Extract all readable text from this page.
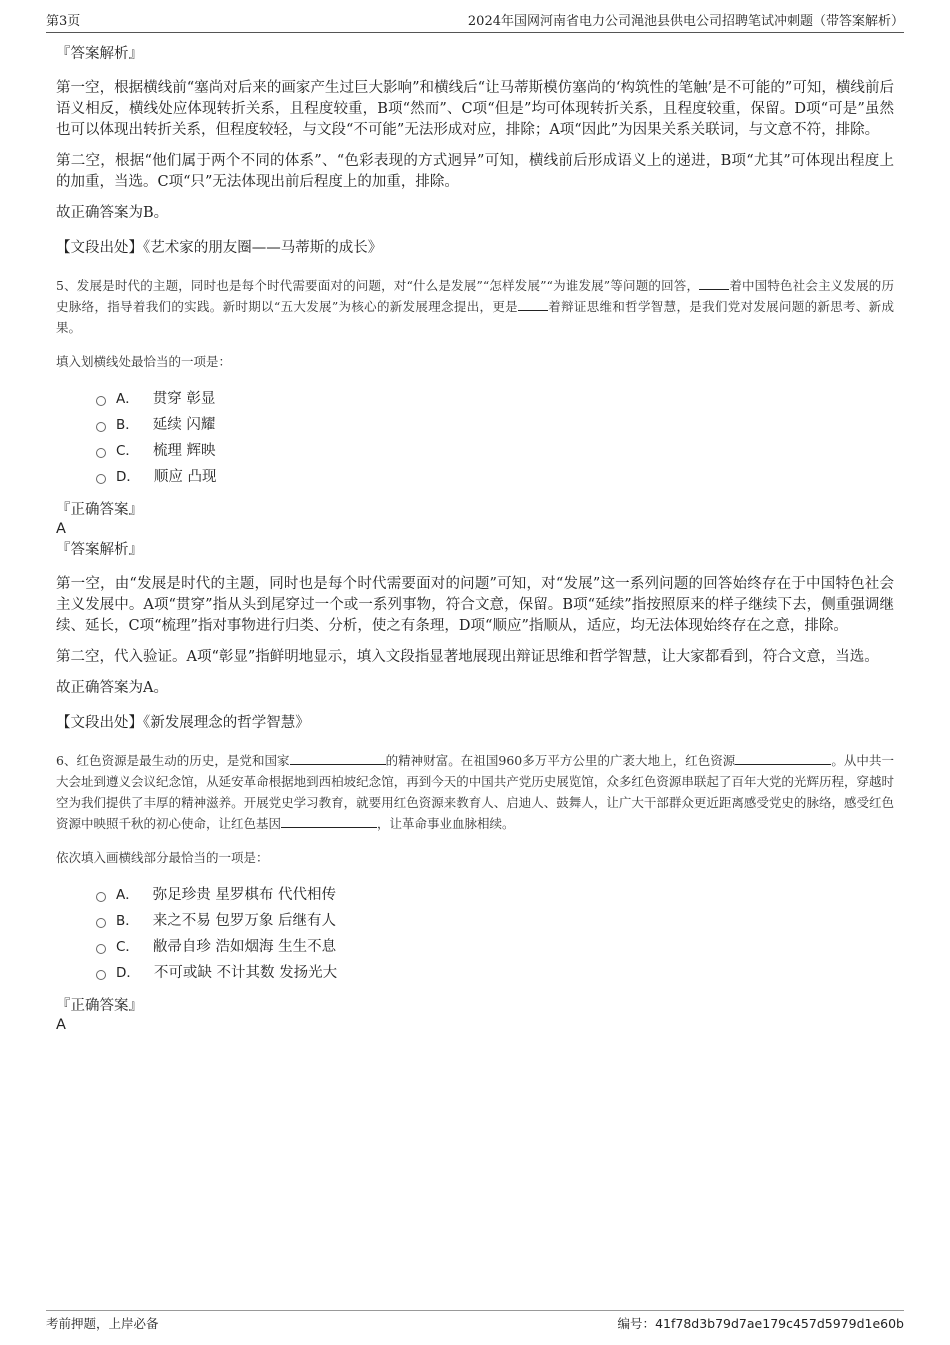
第3页	2024年国网河南省电力公司渑池县供电公司招聘笔试冲刺题（带答案解析）

『答案解析』

第一空，根据横线前“塞尚对后来的画家产生过巨大影响”和横线后“让马蒂斯模仿塞尚的‘构筑性的笔触’是不可能的”可知，横线前后语义相反，横线处应体现转折关系，且程度较重，B项“然而”、C项“但是”均可体现转折关系，且程度较重，保留。D项“可是”虽然也可以体现出转折关系，但程度较轻，与文段“不可能”无法形成对应，排除；A项“因此”为因果关系关联词，与文意不符，排除。

第二空，根据“他们属于两个不同的体系”、“色彩表现的方式迥异”可知，横线前后形成语义上的递进，B项“尤其”可体现出程度上的加重，当选。C项“只”无法体现出前后程度上的加重，排除。

故正确答案为B。

【文段出处】《艺术家的朋友圈——马蒂斯的成长》

5、发展是时代的主题，同时也是每个时代需要面对的问题，对“什么是发展”“怎样发展”“为谁发展”等问题的回答， 着中国特色社会主义发展的历史脉络，指导着我们的实践。新时期以“五大发展”为核心的新发展理念提出，更是 着辩证思维和哲学智慧，是我们党对发展问题的新思考、新成果。

填入划横线处最恰当的一项是：

A． 贯穿 彰显
B． 延续 闪耀
C． 梳理 辉映
D． 顺应 凸现

『正确答案』

A

『答案解析』

第一空，由“发展是时代的主题，同时也是每个时代需要面对的问题”可知，对“发展”这一系列问题的回答始终存在于中国特色社会主义发展中。A项“贯穿”指从头到尾穿过一个或一系列事物，符合文意，保留。B项“延续”指按照原来的样子继续下去，侧重强调继续、延长，C项“梳理”指对事物进行归类、分析，使之有条理，D项“顺应”指顺从，适应，均无法体现始终存在之意，排除。

第二空，代入验证。A项“彰显”指鲜明地显示，填入文段指显著地展现出辩证思维和哲学智慧，让大家都看到，符合文意，当选。

故正确答案为A。

【文段出处】《新发展理念的哲学智慧》

6、红色资源是最生动的历史，是党和国家	的精神财富。在祖国960多万平方公里的广袤大地上，红色资源	。从中共一大会址到遵义会议纪念馆，从延安革命根据地到西柏坡纪念馆，再到今天的中国共产党历史展览馆，众多红色资源串联起了百年大党的光辉历程，穿越时空为我们提供了丰厚的精神滋养。开展党史学习教育，就要用红色资源来教育人、启迪人、鼓舞人，让广大干部群众更近距离感受党史的脉络，感受红色资源中映照千秋的初心使命，让红色基因	，让革命事业血脉相续。

依次填入画横线部分最恰当的一项是：

A． 弥足珍贵 星罗棋布 代代相传
B． 来之不易 包罗万象 后继有人
C． 敝帚自珍 浩如烟海 生生不息
D． 不可或缺 不计其数 发扬光大

『正确答案』

A

考前押题，上岸必备	编号：41f78d3b79d7ae179c457d5979d1e60b
